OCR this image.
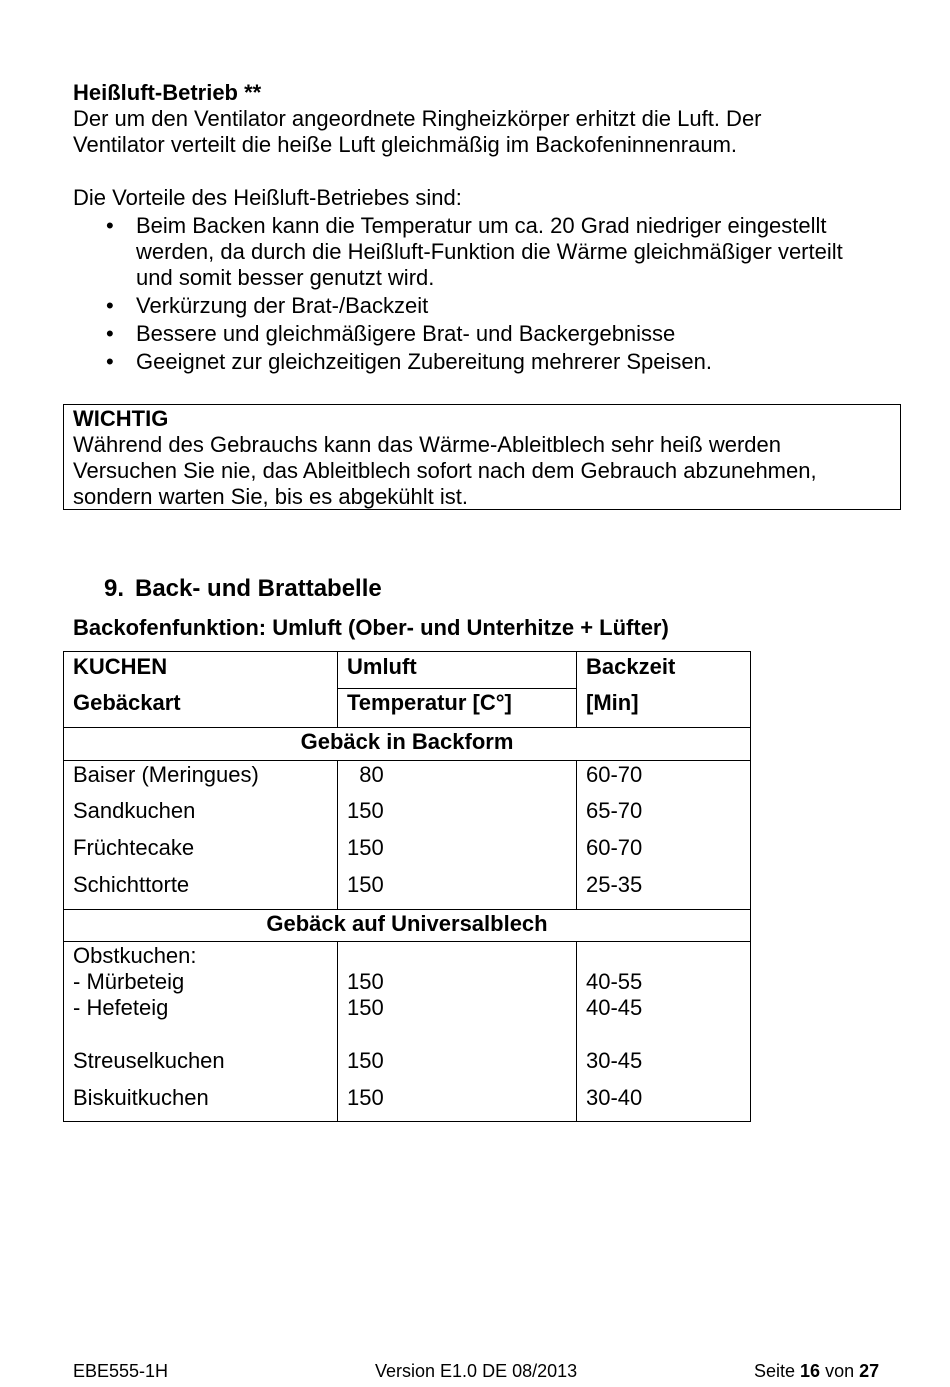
Heißluft-Betrieb **
Der um den Ventilator angeordnete Ringheizkörper erhitzt die Luft. Der
Ventilator verteilt die heiße Luft gleichmäßig im Backofeninnenraum.
Die Vorteile des Heißluft-Betriebes sind:
• Beim Backen kann die Temperatur um ca. 20 Grad niedriger eingestellt
werden, da durch die Heißluft-Funktion die Wärme gleichmäßiger verteilt
und somit besser genutzt wird.
• Verkürzung der Brat-/Backzeit
• Bessere und gleichmäßigere Brat- und Backergebnisse
• Geeignet zur gleichzeitigen Zubereitung mehrerer Speisen.
WICHTIG
Während des Gebrauchs kann das Wärme-Ableitblech sehr heiß werden
Versuchen Sie nie, das Ableitblech sofort nach dem Gebrauch abzunehmen,
sondern warten Sie, bis es abgekühlt ist.
9. Back- und Brattabelle
Backofenfunktion: Umluft (Ober- und Unterhitze + Lüfter)
KUCHEN	Umluft	Backzeit
Gebäckart	Temperatur [C°]	[Min]
Gebäck in Backform		
Baiser (Meringues)	80	60-70
Sandkuchen	150	65-70
Früchtecake	150	60-70
Schichttorte	150	25-35
Gebäck auf Universalblech		
Obstkuchen:		
- Mürbeteig	150	40-55
- Hefeteig	150	40-45
Streuselkuchen	150	30-45
Biskuitkuchen	150	30-40
EBE555-1H	Version E1.0 DE 08/2013	Seite 16 von 27
